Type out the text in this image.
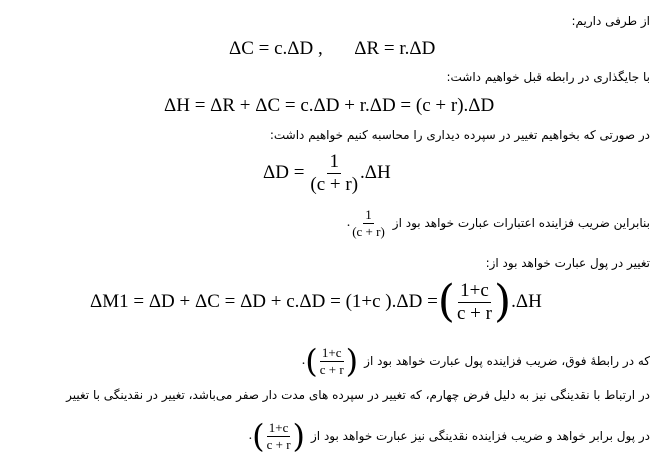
از طرفی داریم:
ΔC = c.ΔD , ΔR = r.ΔD
با جایگذاری در رابطه قبل خواهیم داشت:
ΔH = ΔR + ΔC = c.ΔD + r.ΔD = (c + r).ΔD
در صورتی که بخواهیم تغییر در سپرده دیداری را محاسبه کنیم خواهیم داشت:
$\Delta D = \frac{1}{(c + r)} .\Delta H$
بنابراین ضریب فزاینده اعتبارات عبارت خواهد بود از
. $\frac{1}{(c + r)}$
تغییر در پول عبارت خواهد بود از:
ΔM1 = ΔD + ΔC = ΔD + c.ΔD = (1+c ).ΔD = ( $\frac{1+c}{c + r}$ ) .ΔH
که در رابطهٔ فوق، ضریب فزاینده پول عبارت خواهد بود از
. ( $\frac{1+c}{c + r}$ )
در ارتباط با نقدینگی نیز به دلیل فرض چهارم، که تغییر در سپرده های مدت دار صفر می‌باشد، تغییر در نقدینگی با تغییر
در پول برابر خواهد و ضریب فزاینده نقدینگی نیز عبارت خواهد بود از
. ( $\frac{1+c}{c + r}$ )
